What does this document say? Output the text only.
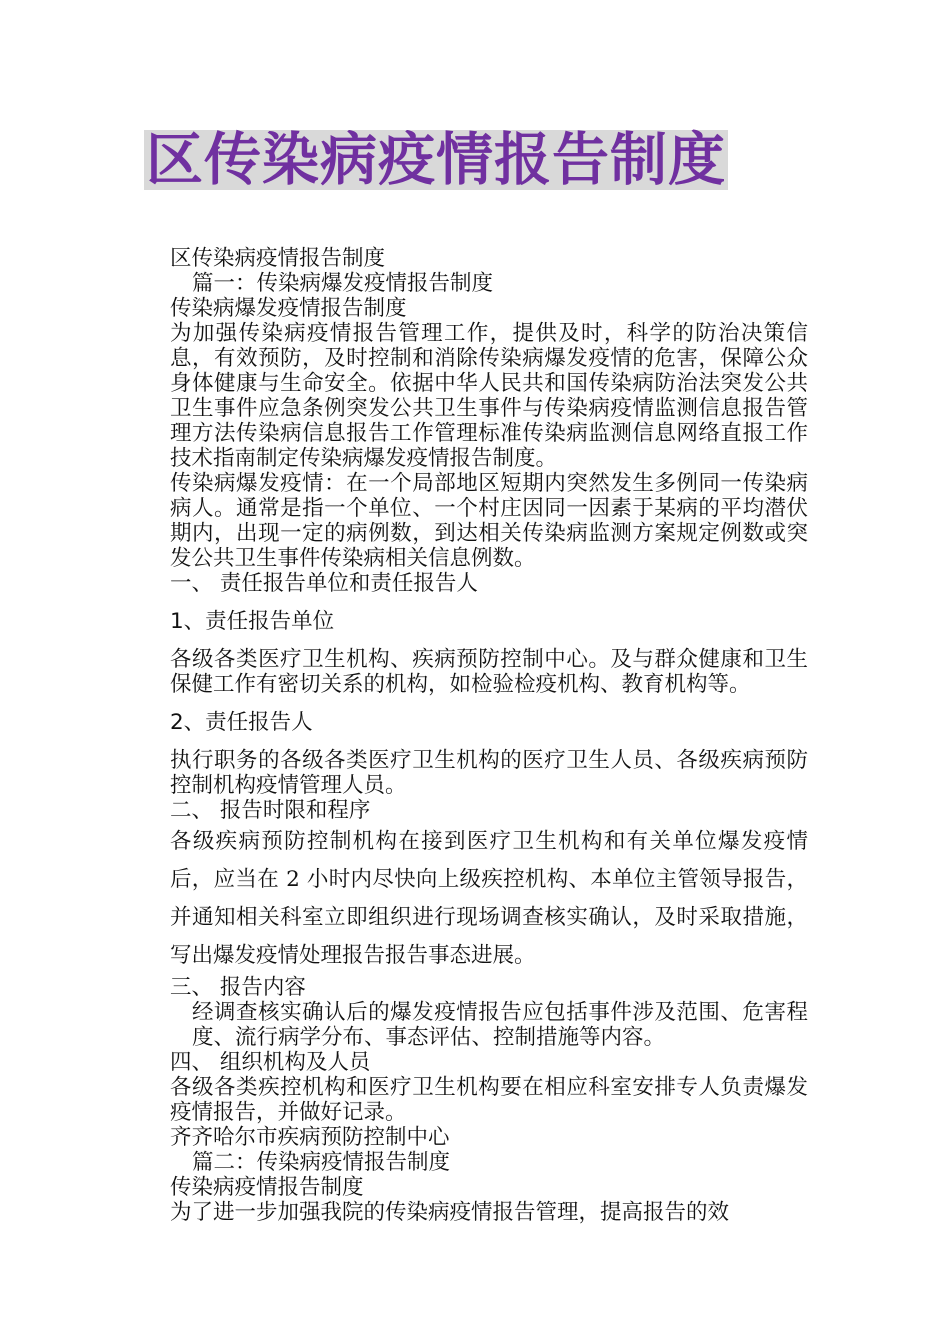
区传染病疫情报告制度

区传染病疫情报告制度

篇一：传染病爆发疫情报告制度

传染病爆发疫情报告制度

为加强传染病疫情报告管理工作，提供及时，科学的防治决策信息，有效预防，及时控制和消除传染病爆发疫情的危害，保障公众身体健康与生命安全。依据中华人民共和国传染病防治法突发公共卫生事件应急条例突发公共卫生事件与传染病疫情监测信息报告管理方法传染病信息报告工作管理标准传染病监测信息网络直报工作技术指南制定传染病爆发疫情报告制度。

传染病爆发疫情：在一个局部地区短期内突然发生多例同一传染病病人。通常是指一个单位、一个村庄因同一因素于某病的平均潜伏期内，出现一定的病例数，到达相关传染病监测方案规定例数或突发公共卫生事件传染病相关信息例数。

一、 责任报告单位和责任报告人

1、责任报告单位

各级各类医疗卫生机构、疾病预防控制中心。及与群众健康和卫生保健工作有密切关系的机构，如检验检疫机构、教育机构等。

2、责任报告人

执行职务的各级各类医疗卫生机构的医疗卫生人员、各级疾病预防控制机构疫情管理人员。

二、 报告时限和程序

各级疾病预防控制机构在接到医疗卫生机构和有关单位爆发疫情后，应当在 2 小时内尽快向上级疾控机构、本单位主管领导报告，并通知相关科室立即组织进行现场调查核实确认，及时采取措施，写出爆发疫情处理报告报告事态进展。

三、 报告内容

经调查核实确认后的爆发疫情报告应包括事件涉及范围、危害程度、流行病学分布、事态评估、控制措施等内容。

四、 组织机构及人员

各级各类疾控机构和医疗卫生机构要在相应科室安排专人负责爆发疫情报告，并做好记录。

齐齐哈尔市疾病预防控制中心

篇二：传染病疫情报告制度

传染病疫情报告制度

为了进一步加强我院的传染病疫情报告管理，提高报告的效
